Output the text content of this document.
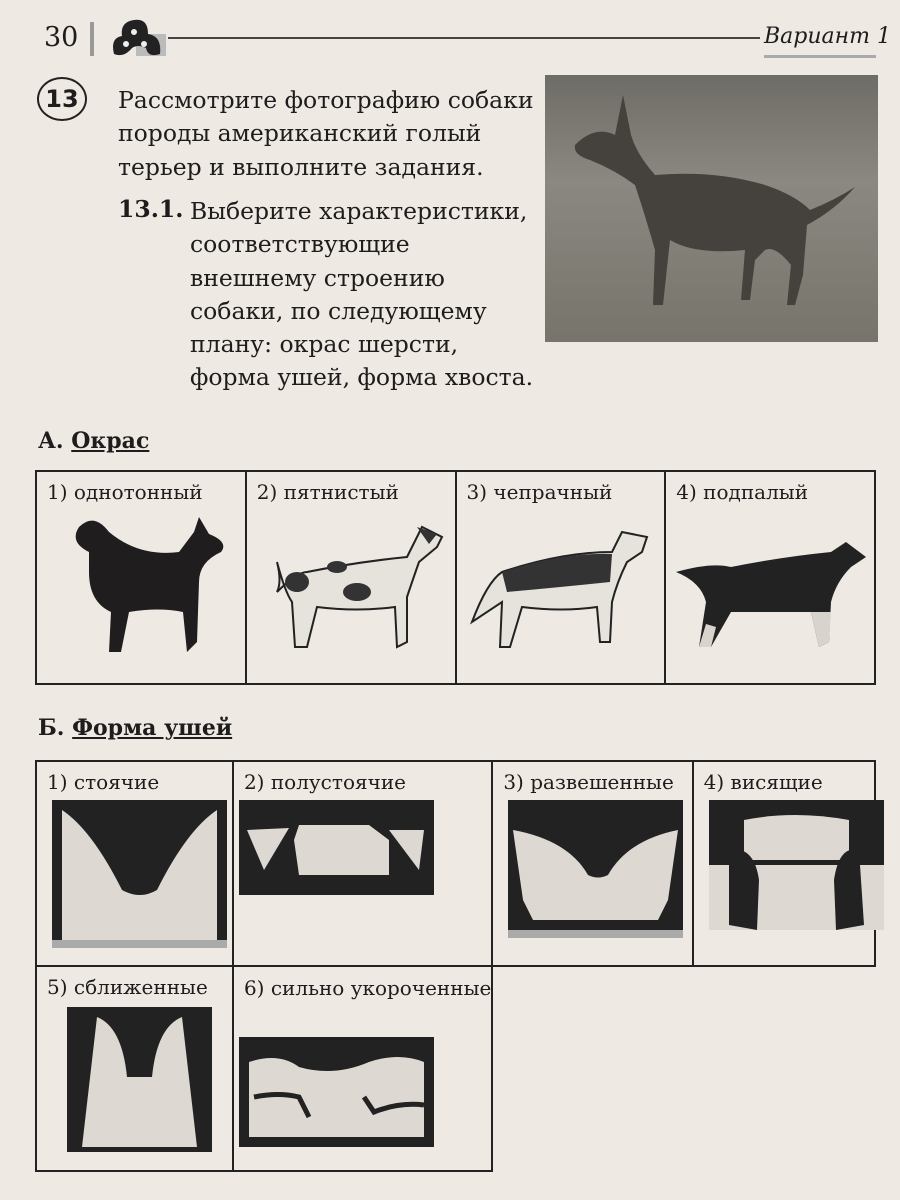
30	Вариант 1
13	Рассмотрите фотографию собаки породы американский голый терьер и выполните задания.
13.1. Выберите характеристики, соответствующие внешнему строению собаки, по следующему плану: окрас шерсти, форма ушей, форма хвоста.
А. Окрас
1) однотонный	2) пятнистый	3) чепрачный	4) подпалый
Б. Форма ушей
1) стоячие	2) полустоячие	3) развешенные	4) висящие

5) сближенные	6) сильно укороченные		
